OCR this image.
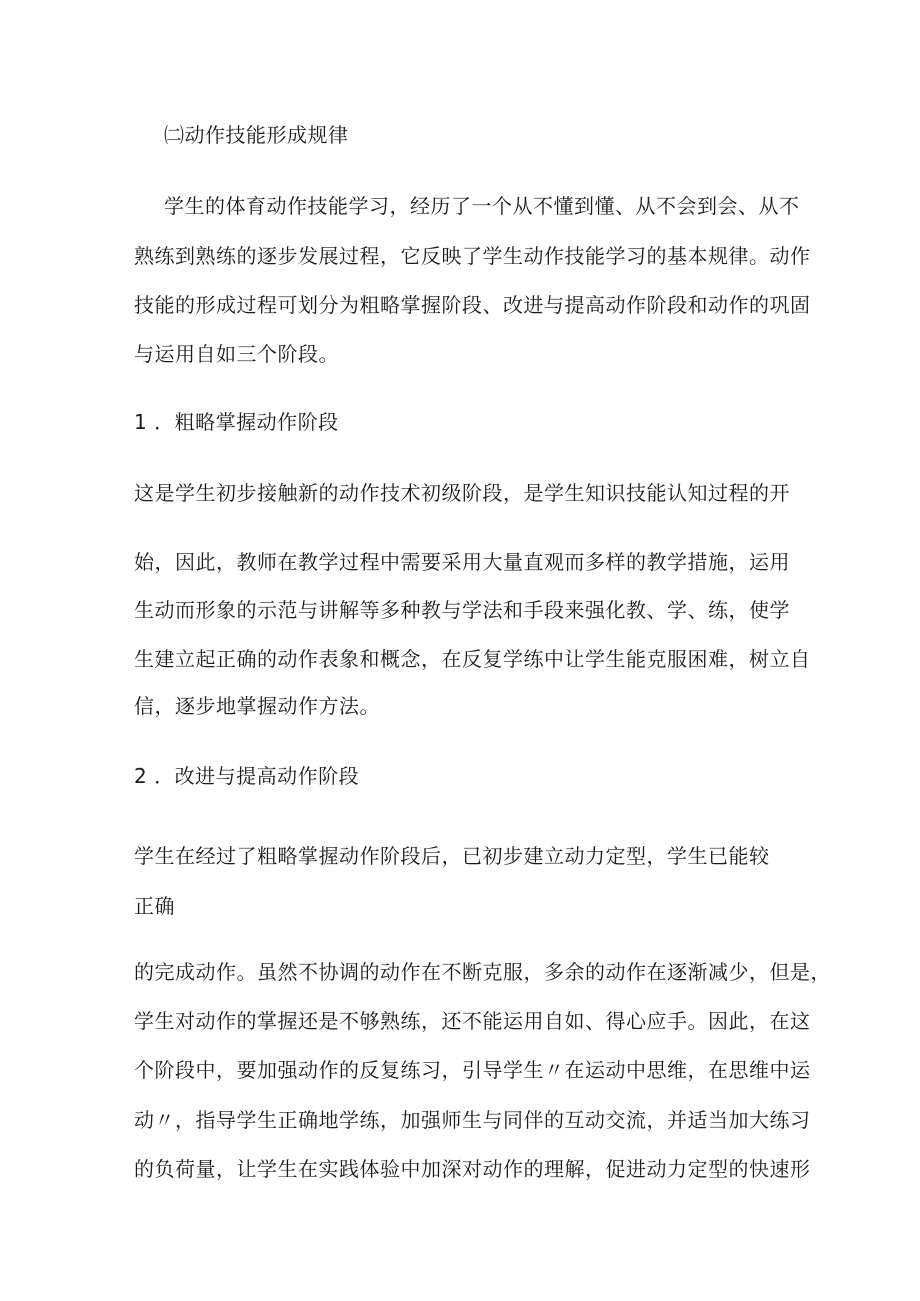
㈡动作技能形成规律
学生的体育动作技能学习，经历了一个从不懂到懂、从不会到会、从不
熟练到熟练的逐步发展过程，它反映了学生动作技能学习的基本规律。动作
技能的形成过程可划分为粗略掌握阶段、改进与提高动作阶段和动作的巩固
与运用自如三个阶段。
1 ．粗略掌握动作阶段
这是学生初步接触新的动作技术初级阶段，是学生知识技能认知过程的开
始，因此，教师在教学过程中需要采用大量直观而多样的教学措施，运用
生动而形象的示范与讲解等多种教与学法和手段来强化教、学、练，使学
生建立起正确的动作表象和概念，在反复学练中让学生能克服困难，树立自
信，逐步地掌握动作方法。
2 ．改进与提高动作阶段
学生在经过了粗略掌握动作阶段后，已初步建立动力定型，学生已能较
正确
的完成动作。虽然不协调的动作在不断克服，多余的动作在逐渐减少，但是，
学生对动作的掌握还是不够熟练，还不能运用自如、得心应手。因此，在这
个阶段中，要加强动作的反复练习，引导学生〃在运动中思维，在思维中运
动〃，指导学生正确地学练，加强师生与同伴的互动交流，并适当加大练习
的负荷量，让学生在实践体验中加深对动作的理解，促进动力定型的快速形
